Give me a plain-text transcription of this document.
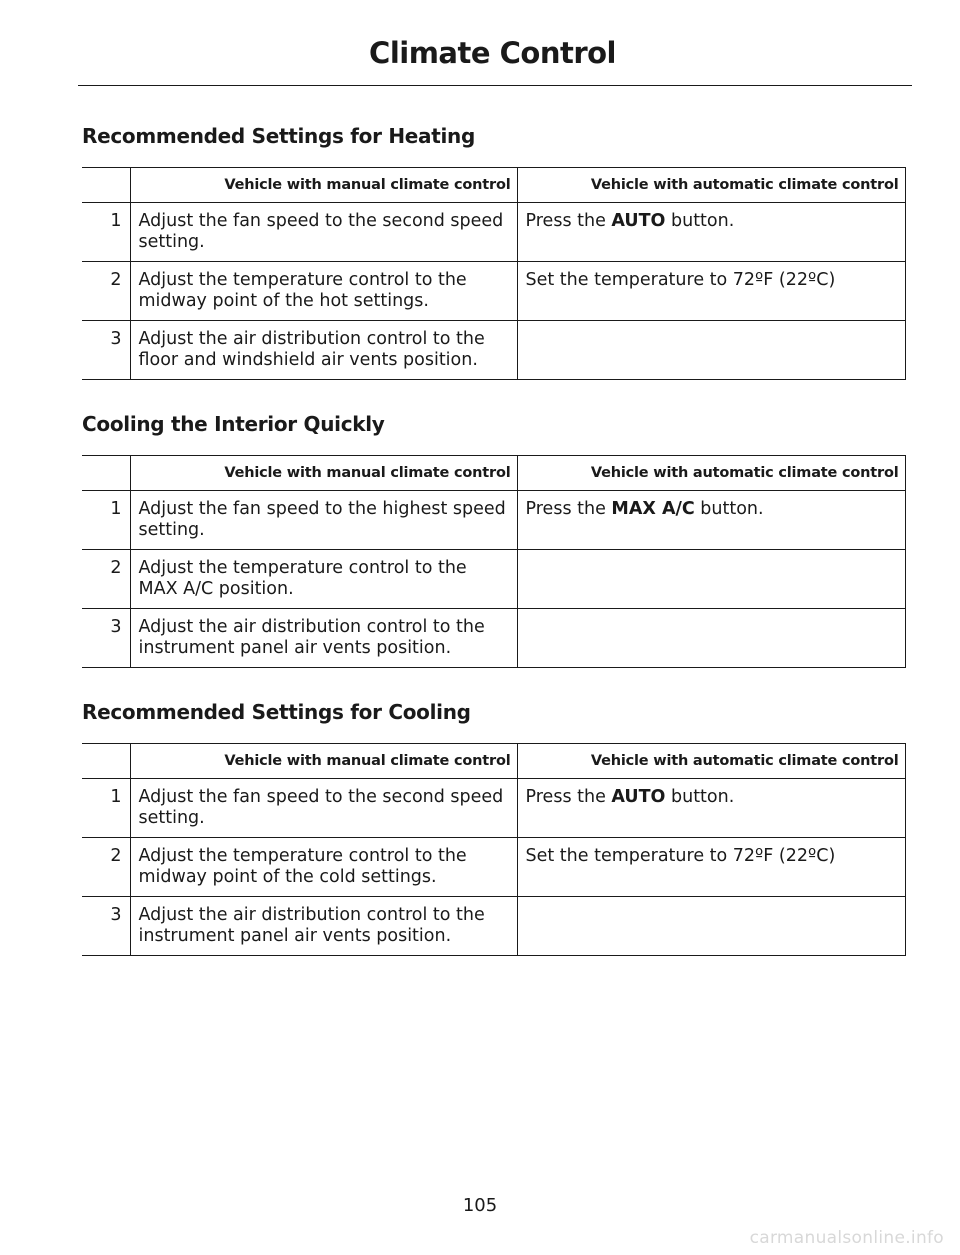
Climate Control
Recommended Settings for Heating
	Vehicle with manual climate control	Vehicle with automatic climate control
1	Adjust the fan speed to the second speed setting.	Press the AUTO button.
2	Adjust the temperature control to the midway point of the hot settings.	Set the temperature to 72ºF (22ºC)
3	Adjust the air distribution control to the floor and windshield air vents position.	
Cooling the Interior Quickly
	Vehicle with manual climate control	Vehicle with automatic climate control
1	Adjust the fan speed to the highest speed setting.	Press the MAX A/C button.
2	Adjust the temperature control to the MAX A/C position.	
3	Adjust the air distribution control to the instrument panel air vents position.	
Recommended Settings for Cooling
	Vehicle with manual climate control	Vehicle with automatic climate control
1	Adjust the fan speed to the second speed setting.	Press the AUTO button.
2	Adjust the temperature control to the midway point of the cold settings.	Set the temperature to 72ºF (22ºC)
3	Adjust the air distribution control to the instrument panel air vents position.	
105
carmanualsonline.info
